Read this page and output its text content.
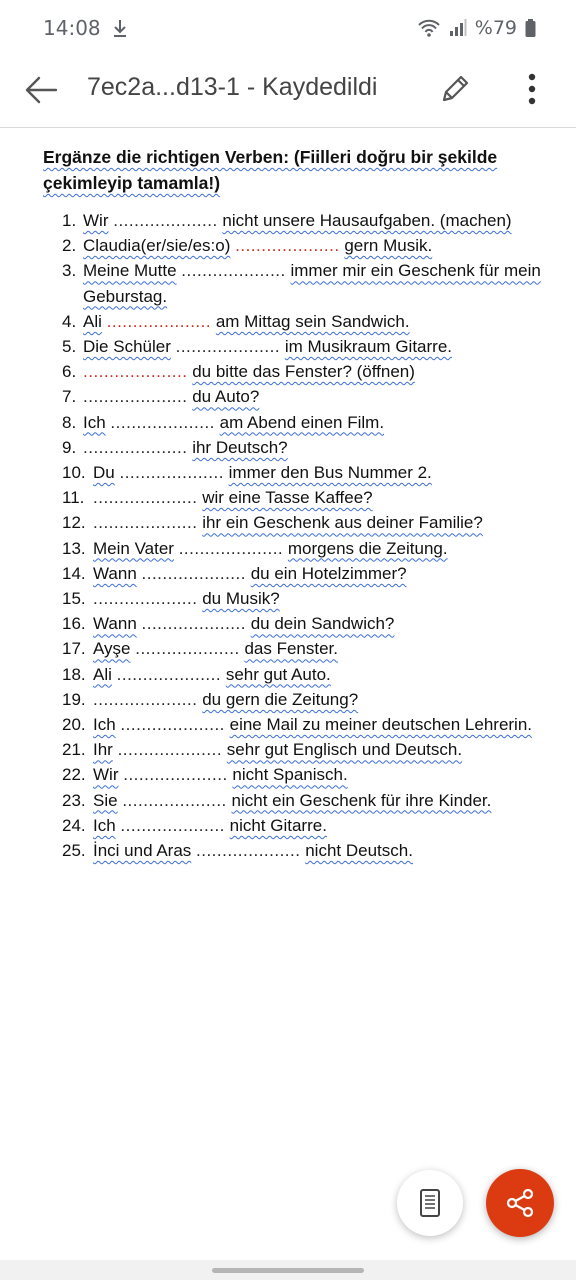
14:08	%79
7ec2a...d13-1 - Kaydedildi
Ergänze die richtigen Verben: (Fiilleri doğru bir şekilde çekimleyip tamamla!)
1. Wir .................... nicht unsere Hausaufgaben. (machen)
2. Claudia(er/sie/es:o) .................... gern Musik.
3. Meine Mutte .................... immer mir ein Geschenk für mein Geburstag.
4. Ali .................... am Mittag sein Sandwich.
5. Die Schüler .................... im Musikraum Gitarre.
6. .................... du bitte das Fenster? (öffnen)
7. .................... du Auto?
8. Ich .................... am Abend einen Film.
9. .................... ihr Deutsch?
10. Du .................... immer den Bus Nummer 2.
11. .................... wir eine Tasse Kaffee?
12. .................... ihr ein Geschenk aus deiner Familie?
13. Mein Vater .................... morgens die Zeitung.
14. Wann .................... du ein Hotelzimmer?
15. .................... du Musik?
16. Wann .................... du dein Sandwich?
17. Ayşe .................... das Fenster.
18. Ali .................... sehr gut Auto.
19. .................... du gern die Zeitung?
20. Ich .................... eine Mail zu meiner deutschen Lehrerin.
21. Ihr .................... sehr gut Englisch und Deutsch.
22. Wir .................... nicht Spanisch.
23. Sie .................... nicht ein Geschenk für ihre Kinder.
24. Ich .................... nicht Gitarre.
25. İnci und Aras .................... nicht Deutsch.
